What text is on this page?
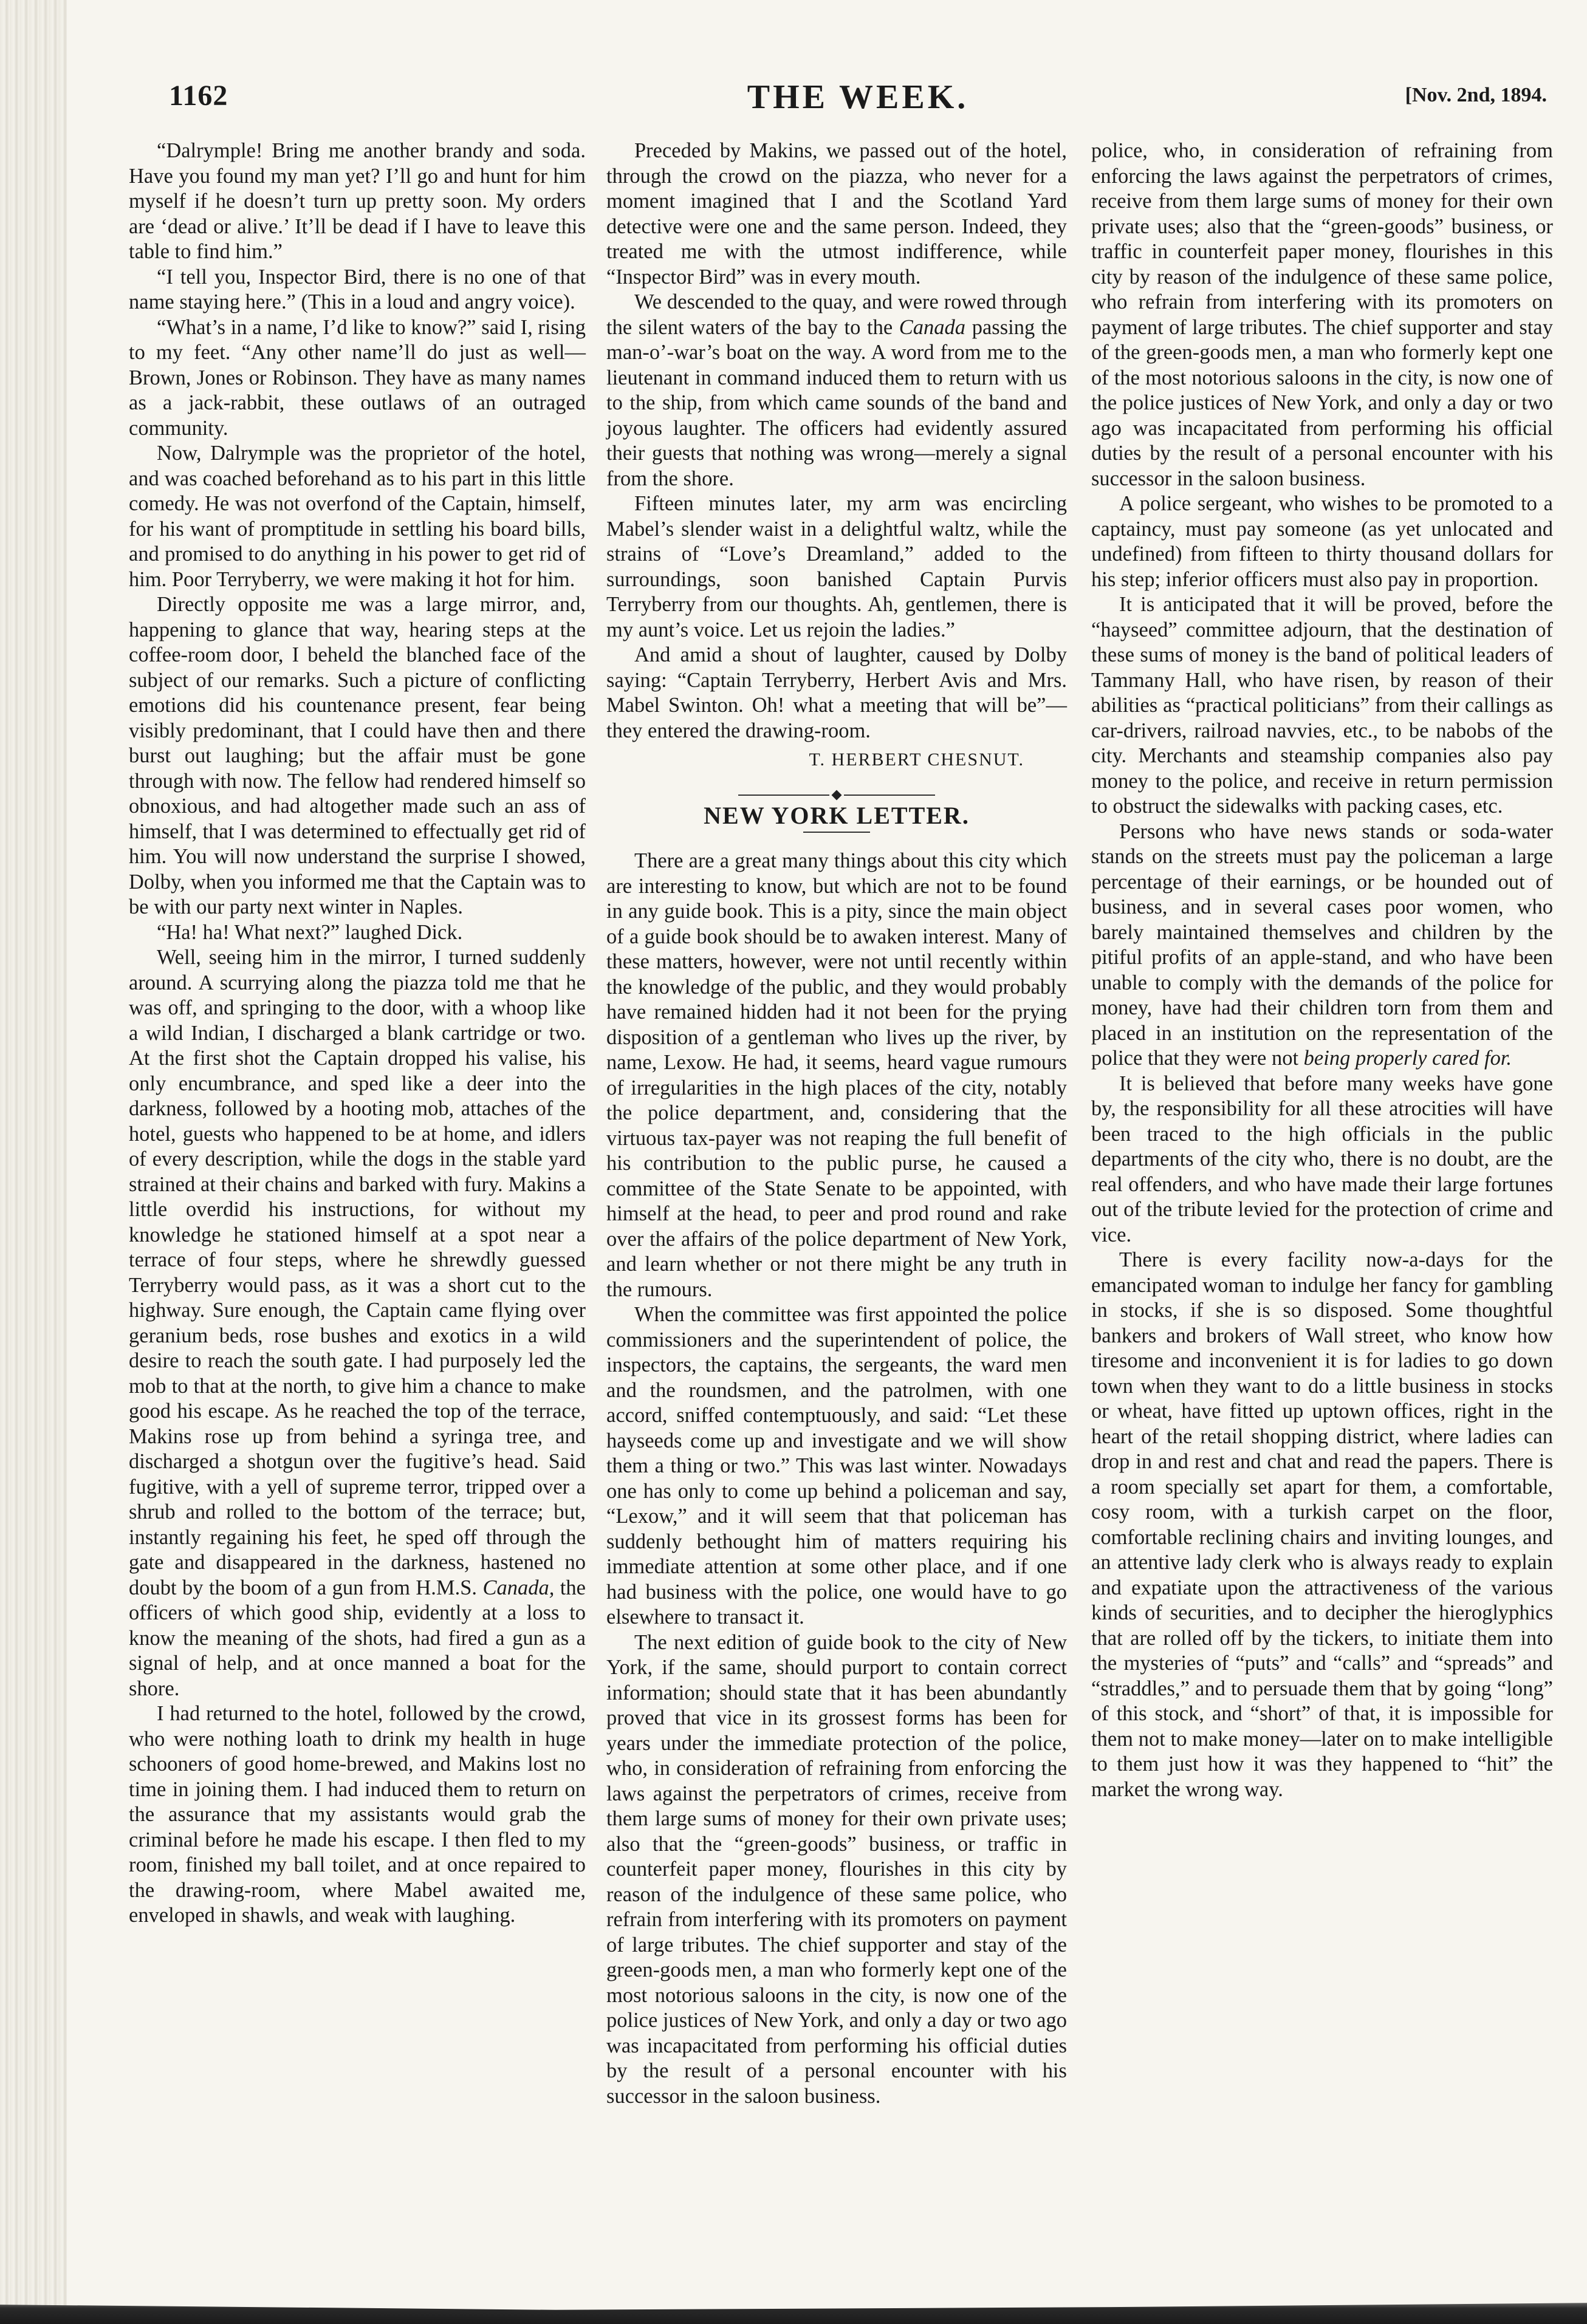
1162	THE WEEK.	[Nov. 2nd, 1894.

“Dalrymple! Bring me another brandy and soda. Have you found my man yet? I’ll go and hunt for him myself if he doesn’t turn up pretty soon. My orders are ‘dead or alive.’ It’ll be dead if I have to leave this table to find him.”

“I tell you, Inspector Bird, there is no one of that name staying here.” (This in a loud and angry voice).

“What’s in a name, I’d like to know?” said I, rising to my feet. “Any other name’ll do just as well—Brown, Jones or Robinson. They have as many names as a jack-rabbit, these outlaws of an outraged community.

Now, Dalrymple was the proprietor of the hotel, and was coached beforehand as to his part in this little comedy. He was not overfond of the Captain, himself, for his want of promptitude in settling his board bills, and promised to do anything in his power to get rid of him. Poor Terryberry, we were making it hot for him.

Directly opposite me was a large mirror, and, happening to glance that way, hearing steps at the coffee-room door, I beheld the blanched face of the subject of our remarks. Such a picture of conflicting emotions did his countenance present, fear being visibly predominant, that I could have then and there burst out laughing; but the affair must be gone through with now. The fellow had rendered himself so obnoxious, and had altogether made such an ass of himself, that I was determined to effectually get rid of him. You will now understand the surprise I showed, Dolby, when you informed me that the Captain was to be with our party next winter in Naples.

“Ha! ha! What next?” laughed Dick.

Well, seeing him in the mirror, I turned suddenly around. A scurrying along the piazza told me that he was off, and springing to the door, with a whoop like a wild Indian, I discharged a blank cartridge or two. At the first shot the Captain dropped his valise, his only encumbrance, and sped like a deer into the darkness, followed by a hooting mob, attaches of the hotel, guests who happened to be at home, and idlers of every description, while the dogs in the stable yard strained at their chains and barked with fury. Makins a little overdid his instructions, for without my knowledge he stationed himself at a spot near a terrace of four steps, where he shrewdly guessed Terryberry would pass, as it was a short cut to the highway. Sure enough, the Captain came flying over geranium beds, rose bushes and exotics in a wild desire to reach the south gate. I had purposely led the mob to that at the north, to give him a chance to make good his escape. As he reached the top of the terrace, Makins rose up from behind a syringa tree, and discharged a shotgun over the fugitive’s head. Said fugitive, with a yell of supreme terror, tripped over a shrub and rolled to the bottom of the terrace; but, instantly regaining his feet, he sped off through the gate and disappeared in the darkness, hastened no doubt by the boom of a gun from H.M.S. Canada, the officers of which good ship, evidently at a loss to know the meaning of the shots, had fired a gun as a signal of help, and at once manned a boat for the shore.

I had returned to the hotel, followed by the crowd, who were nothing loath to drink my health in huge schooners of good home-brewed, and Makins lost no time in joining them. I had induced them to return on the assurance that my assistants would grab the criminal before he made his escape. I then fled to my room, finished my ball toilet, and at once repaired to the drawing-room, where Mabel awaited me, enveloped in shawls, and weak with laughing.

Preceded by Makins, we passed out of the hotel, through the crowd on the piazza, who never for a moment imagined that I and the Scotland Yard detective were one and the same person. Indeed, they treated me with the utmost indifference, while “Inspector Bird” was in every mouth.

We descended to the quay, and were rowed through the silent waters of the bay to the Canada passing the man-o’-war’s boat on the way. A word from me to the lieutenant in command induced them to return with us to the ship, from which came sounds of the band and joyous laughter. The officers had evidently assured their guests that nothing was wrong—merely a signal from the shore.

Fifteen minutes later, my arm was encircling Mabel’s slender waist in a delightful waltz, while the strains of “Love’s Dreamland,” added to the surroundings, soon banished Captain Purvis Terryberry from our thoughts. Ah, gentlemen, there is my aunt’s voice. Let us rejoin the ladies.”

And amid a shout of laughter, caused by Dolby saying: “Captain Terryberry, Herbert Avis and Mrs. Mabel Swinton. Oh! what a meeting that will be”—they entered the drawing-room.

T. HERBERT CHESNUT.

NEW YORK LETTER.

There are a great many things about this city which are interesting to know, but which are not to be found in any guide book. This is a pity, since the main object of a guide book should be to awaken interest. Many of these matters, however, were not until recently within the knowledge of the public, and they would probably have remained hidden had it not been for the prying disposition of a gentleman who lives up the river, by name, Lexow. He had, it seems, heard vague rumours of irregularities in the high places of the city, notably the police department, and, considering that the virtuous tax-payer was not reaping the full benefit of his contribution to the public purse, he caused a committee of the State Senate to be appointed, with himself at the head, to peer and prod round and rake over the affairs of the police department of New York, and learn whether or not there might be any truth in the rumours.

When the committee was first appointed the police commissioners and the superintendent of police, the inspectors, the captains, the sergeants, the ward men and the roundsmen, and the patrolmen, with one accord, sniffed contemptuously, and said: “Let these hayseeds come up and investigate and we will show them a thing or two.” This was last winter. Nowadays one has only to come up behind a policeman and say, “Lexow,” and it will seem that that policeman has suddenly bethought him of matters requiring his immediate attention at some other place, and if one had business with the police, one would have to go elsewhere to transact it.

The next edition of guide book to the city of New York, if the same, should purport to contain correct information; should state that it has been abundantly proved that vice in its grossest forms has been for years under the immediate protection of the police, who, in consideration of refraining from enforcing the laws against the perpetrators of crimes, receive from them large sums of money for their own private uses; also that the “green-goods” business, or traffic in counterfeit paper money, flourishes in this city by reason of the indulgence of these same police, who refrain from interfering with its promoters on payment of large tributes. The chief supporter and stay of the green-goods men, a man who formerly kept one of the most notorious saloons in the city, is now one of the police justices of New York, and only a day or two ago was incapacitated from performing his official duties by the result of a personal encounter with his successor in the saloon business.

police, who, in consideration of refraining from enforcing the laws against the perpetrators of crimes, receive from them large sums of money for their own private uses; also that the “green-goods” business, or traffic in counterfeit paper money, flourishes in this city by reason of the indulgence of these same police, who refrain from interfering with its promoters on payment of large tributes. The chief supporter and stay of the green-goods men, a man who formerly kept one of the most notorious saloons in the city, is now one of the police justices of New York, and only a day or two ago was incapacitated from performing his official duties by the result of a personal encounter with his successor in the saloon business.

A police sergeant, who wishes to be promoted to a captaincy, must pay someone (as yet unlocated and undefined) from fifteen to thirty thousand dollars for his step; inferior officers must also pay in proportion.

It is anticipated that it will be proved, before the “hayseed” committee adjourn, that the destination of these sums of money is the band of political leaders of Tammany Hall, who have risen, by reason of their abilities as “practical politicians” from their callings as car-drivers, railroad navvies, etc., to be nabobs of the city. Merchants and steamship companies also pay money to the police, and receive in return permission to obstruct the sidewalks with packing cases, etc.

Persons who have news stands or soda-water stands on the streets must pay the policeman a large percentage of their earnings, or be hounded out of business, and in several cases poor women, who barely maintained themselves and children by the pitiful profits of an apple-stand, and who have been unable to comply with the demands of the police for money, have had their children torn from them and placed in an institution on the representation of the police that they were not being properly cared for.

It is believed that before many weeks have gone by, the responsibility for all these atrocities will have been traced to the high officials in the public departments of the city who, there is no doubt, are the real offenders, and who have made their large fortunes out of the tribute levied for the protection of crime and vice.

There is every facility now-a-days for the emancipated woman to indulge her fancy for gambling in stocks, if she is so disposed. Some thoughtful bankers and brokers of Wall street, who know how tiresome and inconvenient it is for ladies to go down town when they want to do a little business in stocks or wheat, have fitted up uptown offices, right in the heart of the retail shopping district, where ladies can drop in and rest and chat and read the papers. There is a room specially set apart for them, a comfortable, cosy room, with a turkish carpet on the floor, comfortable reclining chairs and inviting lounges, and an attentive lady clerk who is always ready to explain and expatiate upon the attractiveness of the various kinds of securities, and to decipher the hieroglyphics that are rolled off by the tickers, to initiate them into the mysteries of “puts” and “calls” and “spreads” and “straddles,” and to persuade them that by going “long” of this stock, and “short” of that, it is impossible for them not to make money—later on to make intelligible to them just how it was they happened to “hit” the market the wrong way.
